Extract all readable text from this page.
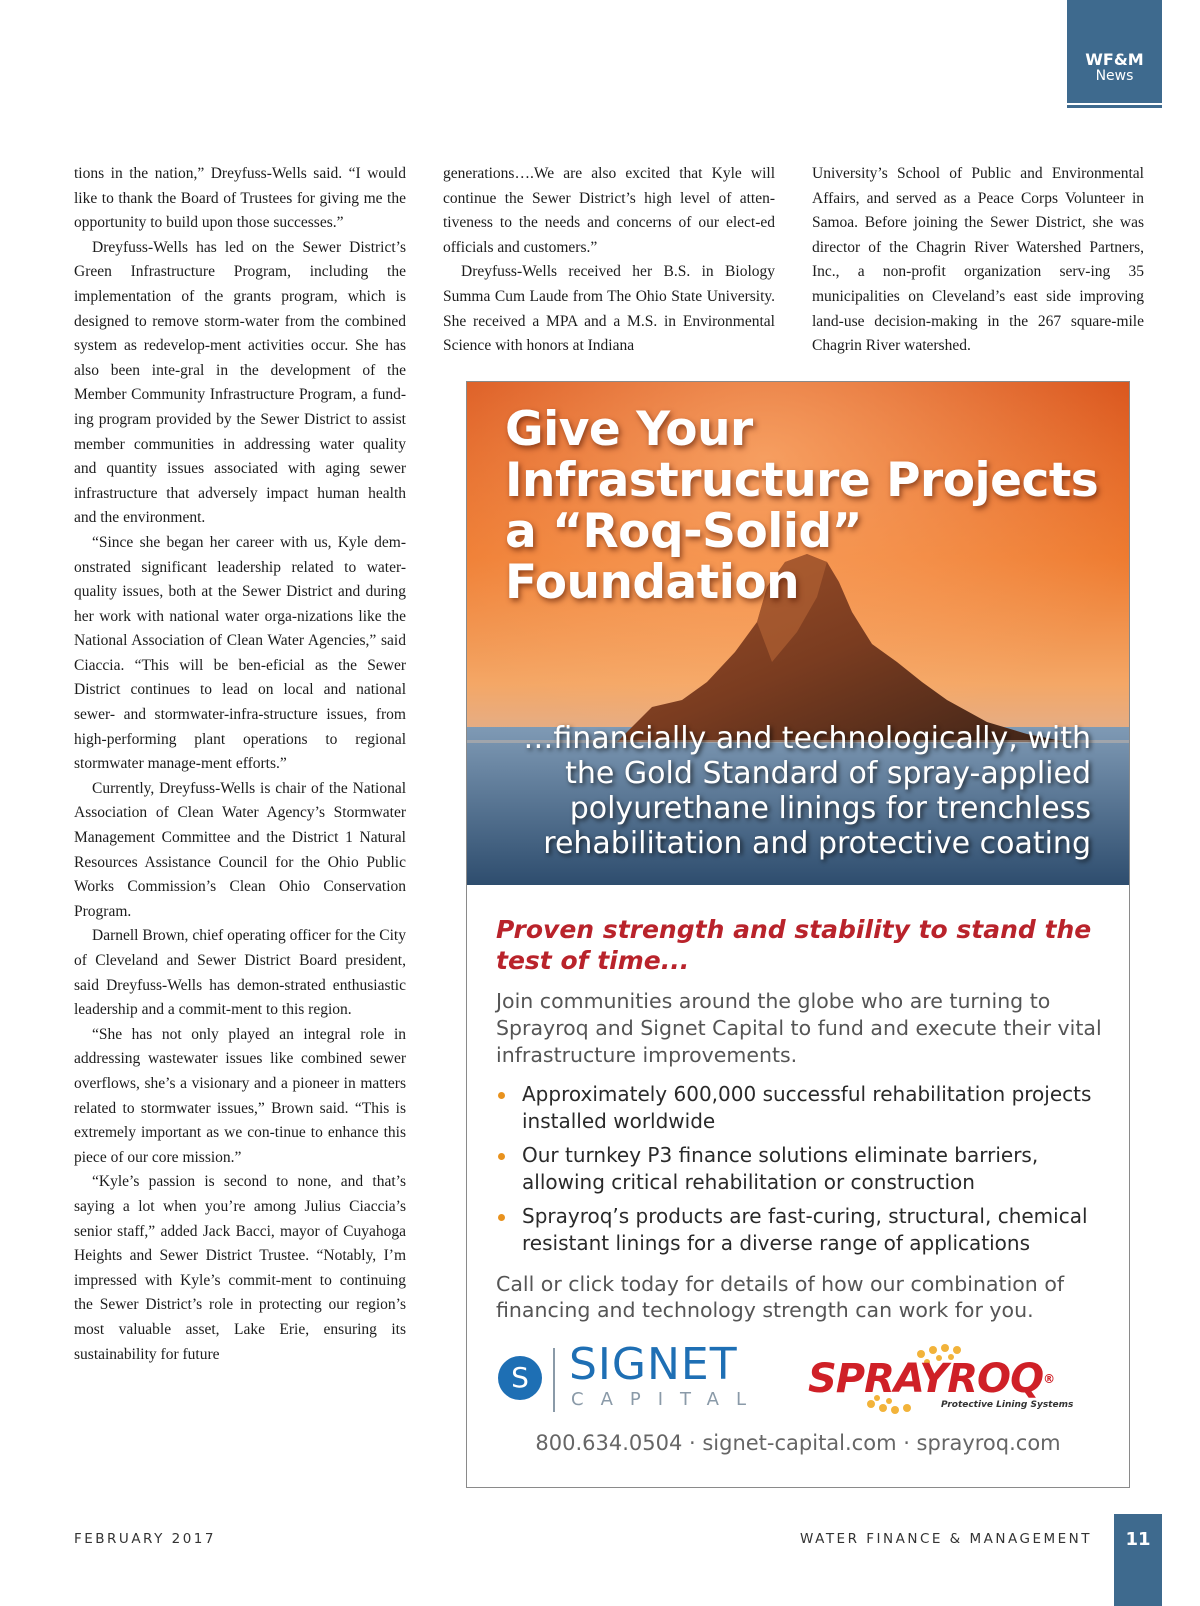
WF&M
News

tions in the nation,” Dreyfuss-Wells said. “I would like to thank the Board of Trustees for giving me the opportunity to build upon those successes.”

Dreyfuss-Wells has led on the Sewer District’s Green Infrastructure Program, including the implementation of the grants program, which is designed to remove storm-water from the combined system as redevelop-ment activities occur. She has also been inte-gral in the development of the Member Community Infrastructure Program, a fund-ing program provided by the Sewer District to assist member communities in addressing water quality and quantity issues associated with aging sewer infrastructure that adversely impact human health and the environment.

“Since she began her career with us, Kyle dem-onstrated significant leadership related to water-quality issues, both at the Sewer District and during her work with national water orga-nizations like the National Association of Clean Water Agencies,” said Ciaccia. “This will be ben-eficial as the Sewer District continues to lead on local and national sewer- and stormwater-infra-structure issues, from high-performing plant operations to regional stormwater manage-ment efforts.”

Currently, Dreyfuss-Wells is chair of the National Association of Clean Water Agency’s Stormwater Management Committee and the District 1 Natural Resources Assistance Council for the Ohio Public Works Commission’s Clean Ohio Conservation Program.

Darnell Brown, chief operating officer for the City of Cleveland and Sewer District Board president, said Dreyfuss-Wells has demon-strated enthusiastic leadership and a commit-ment to this region.

“She has not only played an integral role in addressing wastewater issues like combined sewer overflows, she’s a visionary and a pioneer in matters related to stormwater issues,” Brown said. “This is extremely important as we con-tinue to enhance this piece of our core mission.”

“Kyle’s passion is second to none, and that’s saying a lot when you’re among Julius Ciaccia’s senior staff,” added Jack Bacci, mayor of Cuyahoga Heights and Sewer District Trustee. “Notably, I’m impressed with Kyle’s commit-ment to continuing the Sewer District’s role in protecting our region’s most valuable asset, Lake Erie, ensuring its sustainability for future

generations….We are also excited that Kyle will continue the Sewer District’s high level of atten-tiveness to the needs and concerns of our elect-ed officials and customers.”

Dreyfuss-Wells received her B.S. in Biology Summa Cum Laude from The Ohio State University. She received a MPA and a M.S. in Environmental Science with honors at Indiana

University’s School of Public and Environmental Affairs, and served as a Peace Corps Volunteer in Samoa. Before joining the Sewer District, she was director of the Chagrin River Watershed Partners, Inc., a non-profit organization serv-ing 35 municipalities on Cleveland’s east side improving land-use decision-making in the 267 square-mile Chagrin River watershed.

Give Your Infrastructure Projects a “Roq-Solid” Foundation
…financially and technologically, with the Gold Standard of spray-applied polyurethane linings for trenchless rehabilitation and protective coating
Proven strength and stability to stand the test of time...
Join communities around the globe who are turning to Sprayroq and Signet Capital to fund and execute their vital infrastructure improvements.
Approximately 600,000 successful rehabilitation projects installed worldwide
Our turnkey P3 finance solutions eliminate barriers, allowing critical rehabilitation or construction
Sprayroq’s products are fast-curing, structural, chemical resistant linings for a diverse range of applications
Call or click today for details of how our combination of financing and technology strength can work for you.
S SIGNET
CAPITAL SPRAYROQ®
Protective Lining Systems
800.634.0504 · signet-capital.com · sprayroq.com
FEBRUARY 2017	WATER FINANCE & MANAGEMENT	11
